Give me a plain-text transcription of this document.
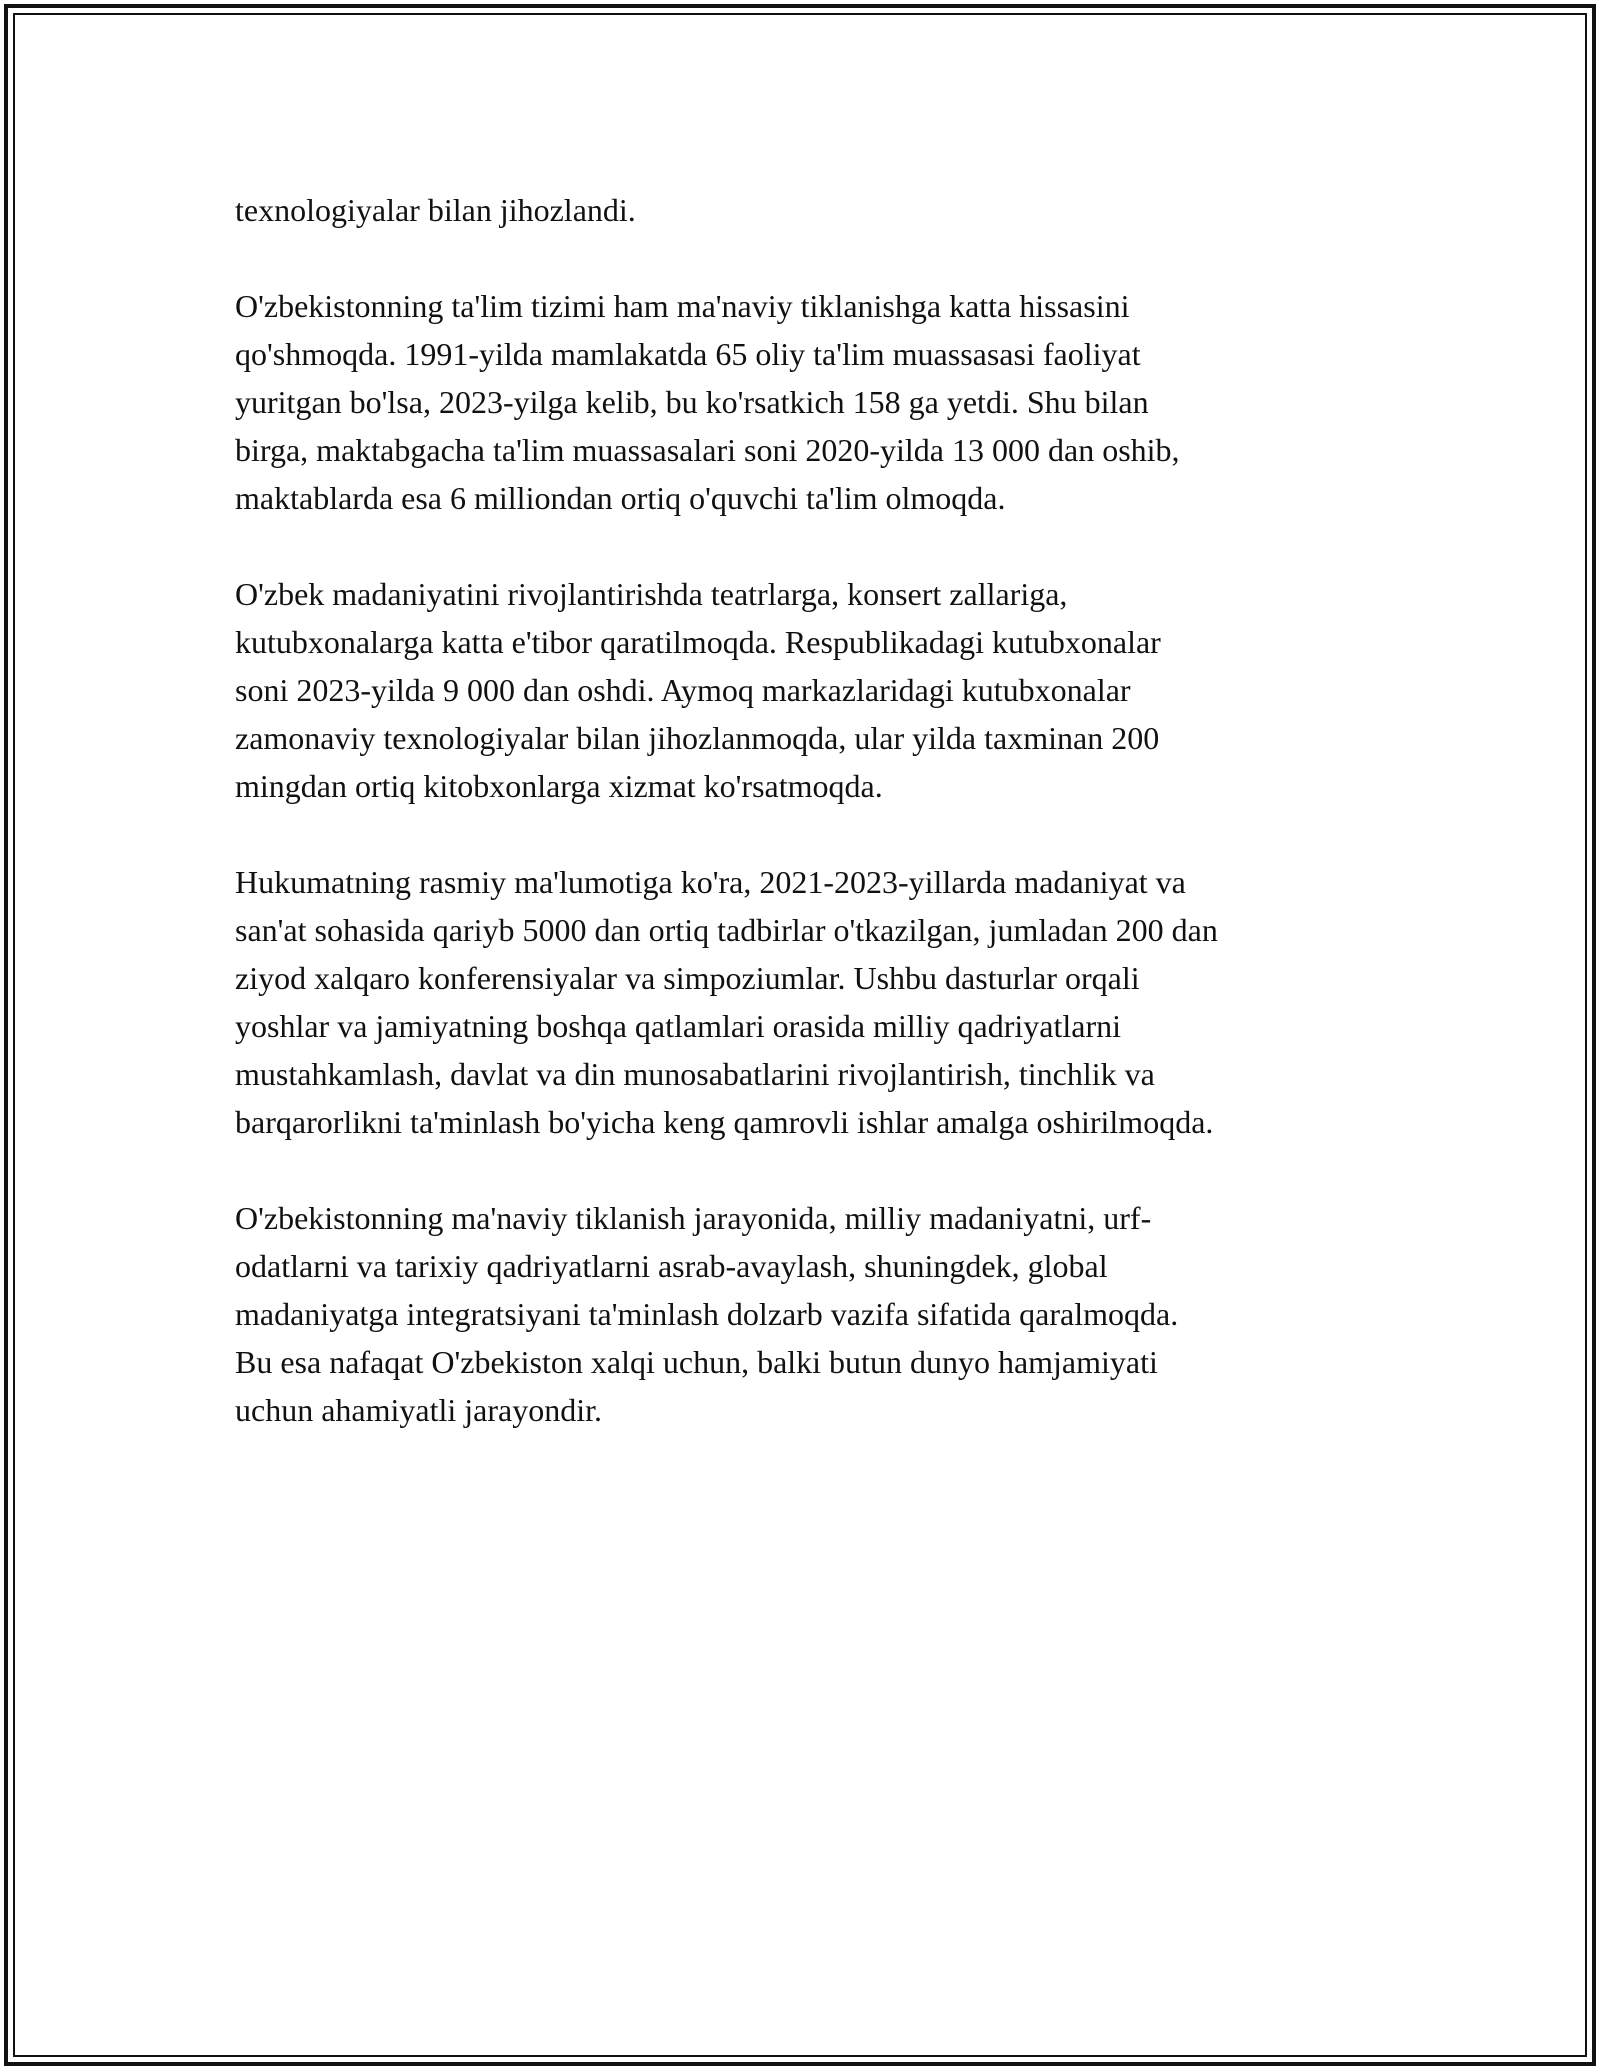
texnologiyalar bilan jihozlandi.

O'zbekistonning ta'lim tizimi ham ma'naviy tiklanishga katta hissasini
qo'shmoqda. 1991-yilda mamlakatda 65 oliy ta'lim muassasasi faoliyat
yuritgan bo'lsa, 2023-yilga kelib, bu ko'rsatkich 158 ga yetdi. Shu bilan
birga, maktabgacha ta'lim muassasalari soni 2020-yilda 13 000 dan oshib,
maktablarda esa 6 milliondan ortiq o'quvchi ta'lim olmoqda.

O'zbek madaniyatini rivojlantirishda teatrlarga, konsert zallariga,
kutubxonalarga katta e'tibor qaratilmoqda. Respublikadagi kutubxonalar
soni 2023-yilda 9 000 dan oshdi. Aymoq markazlaridagi kutubxonalar
zamonaviy texnologiyalar bilan jihozlanmoqda, ular yilda taxminan 200
mingdan ortiq kitobxonlarga xizmat ko'rsatmoqda.

Hukumatning rasmiy ma'lumotiga ko'ra, 2021-2023-yillarda madaniyat va
san'at sohasida qariyb 5000 dan ortiq tadbirlar o'tkazilgan, jumladan 200 dan
ziyod xalqaro konferensiyalar va simpoziumlar. Ushbu dasturlar orqali
yoshlar va jamiyatning boshqa qatlamlari orasida milliy qadriyatlarni
mustahkamlash, davlat va din munosabatlarini rivojlantirish, tinchlik va
barqarorlikni ta'minlash bo'yicha keng qamrovli ishlar amalga oshirilmoqda.

O'zbekistonning ma'naviy tiklanish jarayonida, milliy madaniyatni, urf-
odatlarni va tarixiy qadriyatlarni asrab-avaylash, shuningdek, global
madaniyatga integratsiyani ta'minlash dolzarb vazifa sifatida qaralmoqda.
Bu esa nafaqat O'zbekiston xalqi uchun, balki butun dunyo hamjamiyati
uchun ahamiyatli jarayondir.
